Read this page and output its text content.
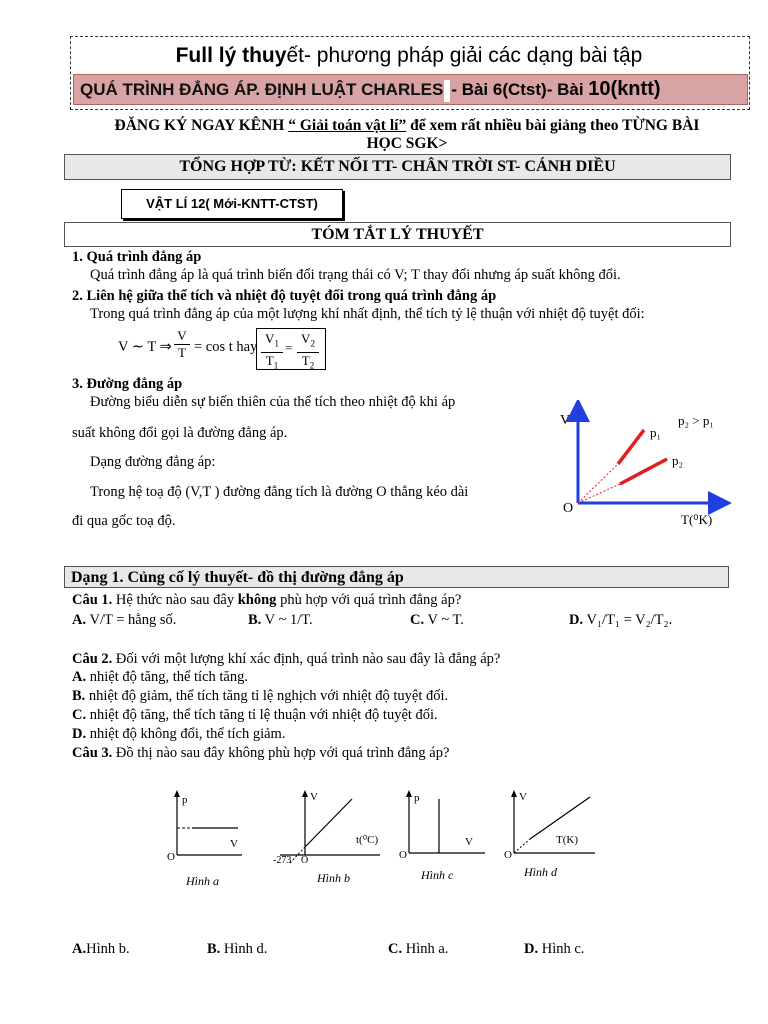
Full lý thuyết- phương pháp giải các dạng bài tập
QUÁ TRÌNH ĐẲNG ÁP. ĐỊNH LUẬT CHARLES - Bài 6(Ctst)- Bài 10(kntt)
ĐĂNG KÝ NGAY KÊNH “ Giải toán vật lí” để xem rất nhiều bài giảng theo TỪNG BÀI
HỌC SGK>
TỔNG HỢP TỪ: KẾT NỐI TT- CHÂN TRỜI ST- CÁNH DIỀU
VẬT LÍ 12( Mới-KNTT-CTST)
TÓM TẮT LÝ THUYẾT
1. Quá trình đẳng áp
Quá trình đẳng áp là quá trình biến đổi trạng thái có V; T thay đổi nhưng áp suất không đổi.
2. Liên hệ giữa thể tích và nhiệt độ tuyệt đối trong quá trình đẳng áp
Trong quá trình đẳng áp của một lượng khí nhất định, thể tích tỷ lệ thuận với nhiệt độ tuyệt đối:
V ∼ T ⇒
V
T = cos t hay
$V_1$
$T_1$
=
$V_2$
$T_2$
3. Đường đẳng áp
Đường biểu diễn sự biến thiên của thể tích theo nhiệt độ khi áp
suất không đổi gọi là đường đẳng áp.
Dạng đường đẳng áp:
Trong hệ toạ độ (V,T ) đường đẳng tích là đường O thẳng kéo dài
đi qua gốc toạ độ.
V
O
p₁
p₂
p₂ > p₁
T(⁰K)
Dạng 1. Củng cố lý thuyết- đồ thị đường đẳng áp
Câu 1. Hệ thức nào sau đây không phù hợp với quá trình đẳng áp?
A. V/T = hằng số.	B. V ~ 1/T.	C. V ~ T.	D. V₁/T₁ = V₂/T₂.
Câu 2. Đối với một lượng khí xác định, quá trình nào sau đây là đẳng áp?
A. nhiệt độ tăng, thể tích tăng.
B. nhiệt độ giảm, thể tích tăng tỉ lệ nghịch với nhiệt độ tuyệt đối.
C. nhiệt độ tăng, thể tích tăng tỉ lệ thuận với nhiệt độ tuyệt đối.
D. nhiệt độ không đổi, thể tích giảm.
Câu 3. Đồ thị nào sau đây không phù hợp với quá trình đẳng áp?
p
V
O
Hình a
V
t(⁰C)
-273 O
Hình b
p
V
O
Hình c
V
T(K)
O
Hình d
A.Hình b.	B. Hình d.	C. Hình a.	D. Hình c.
